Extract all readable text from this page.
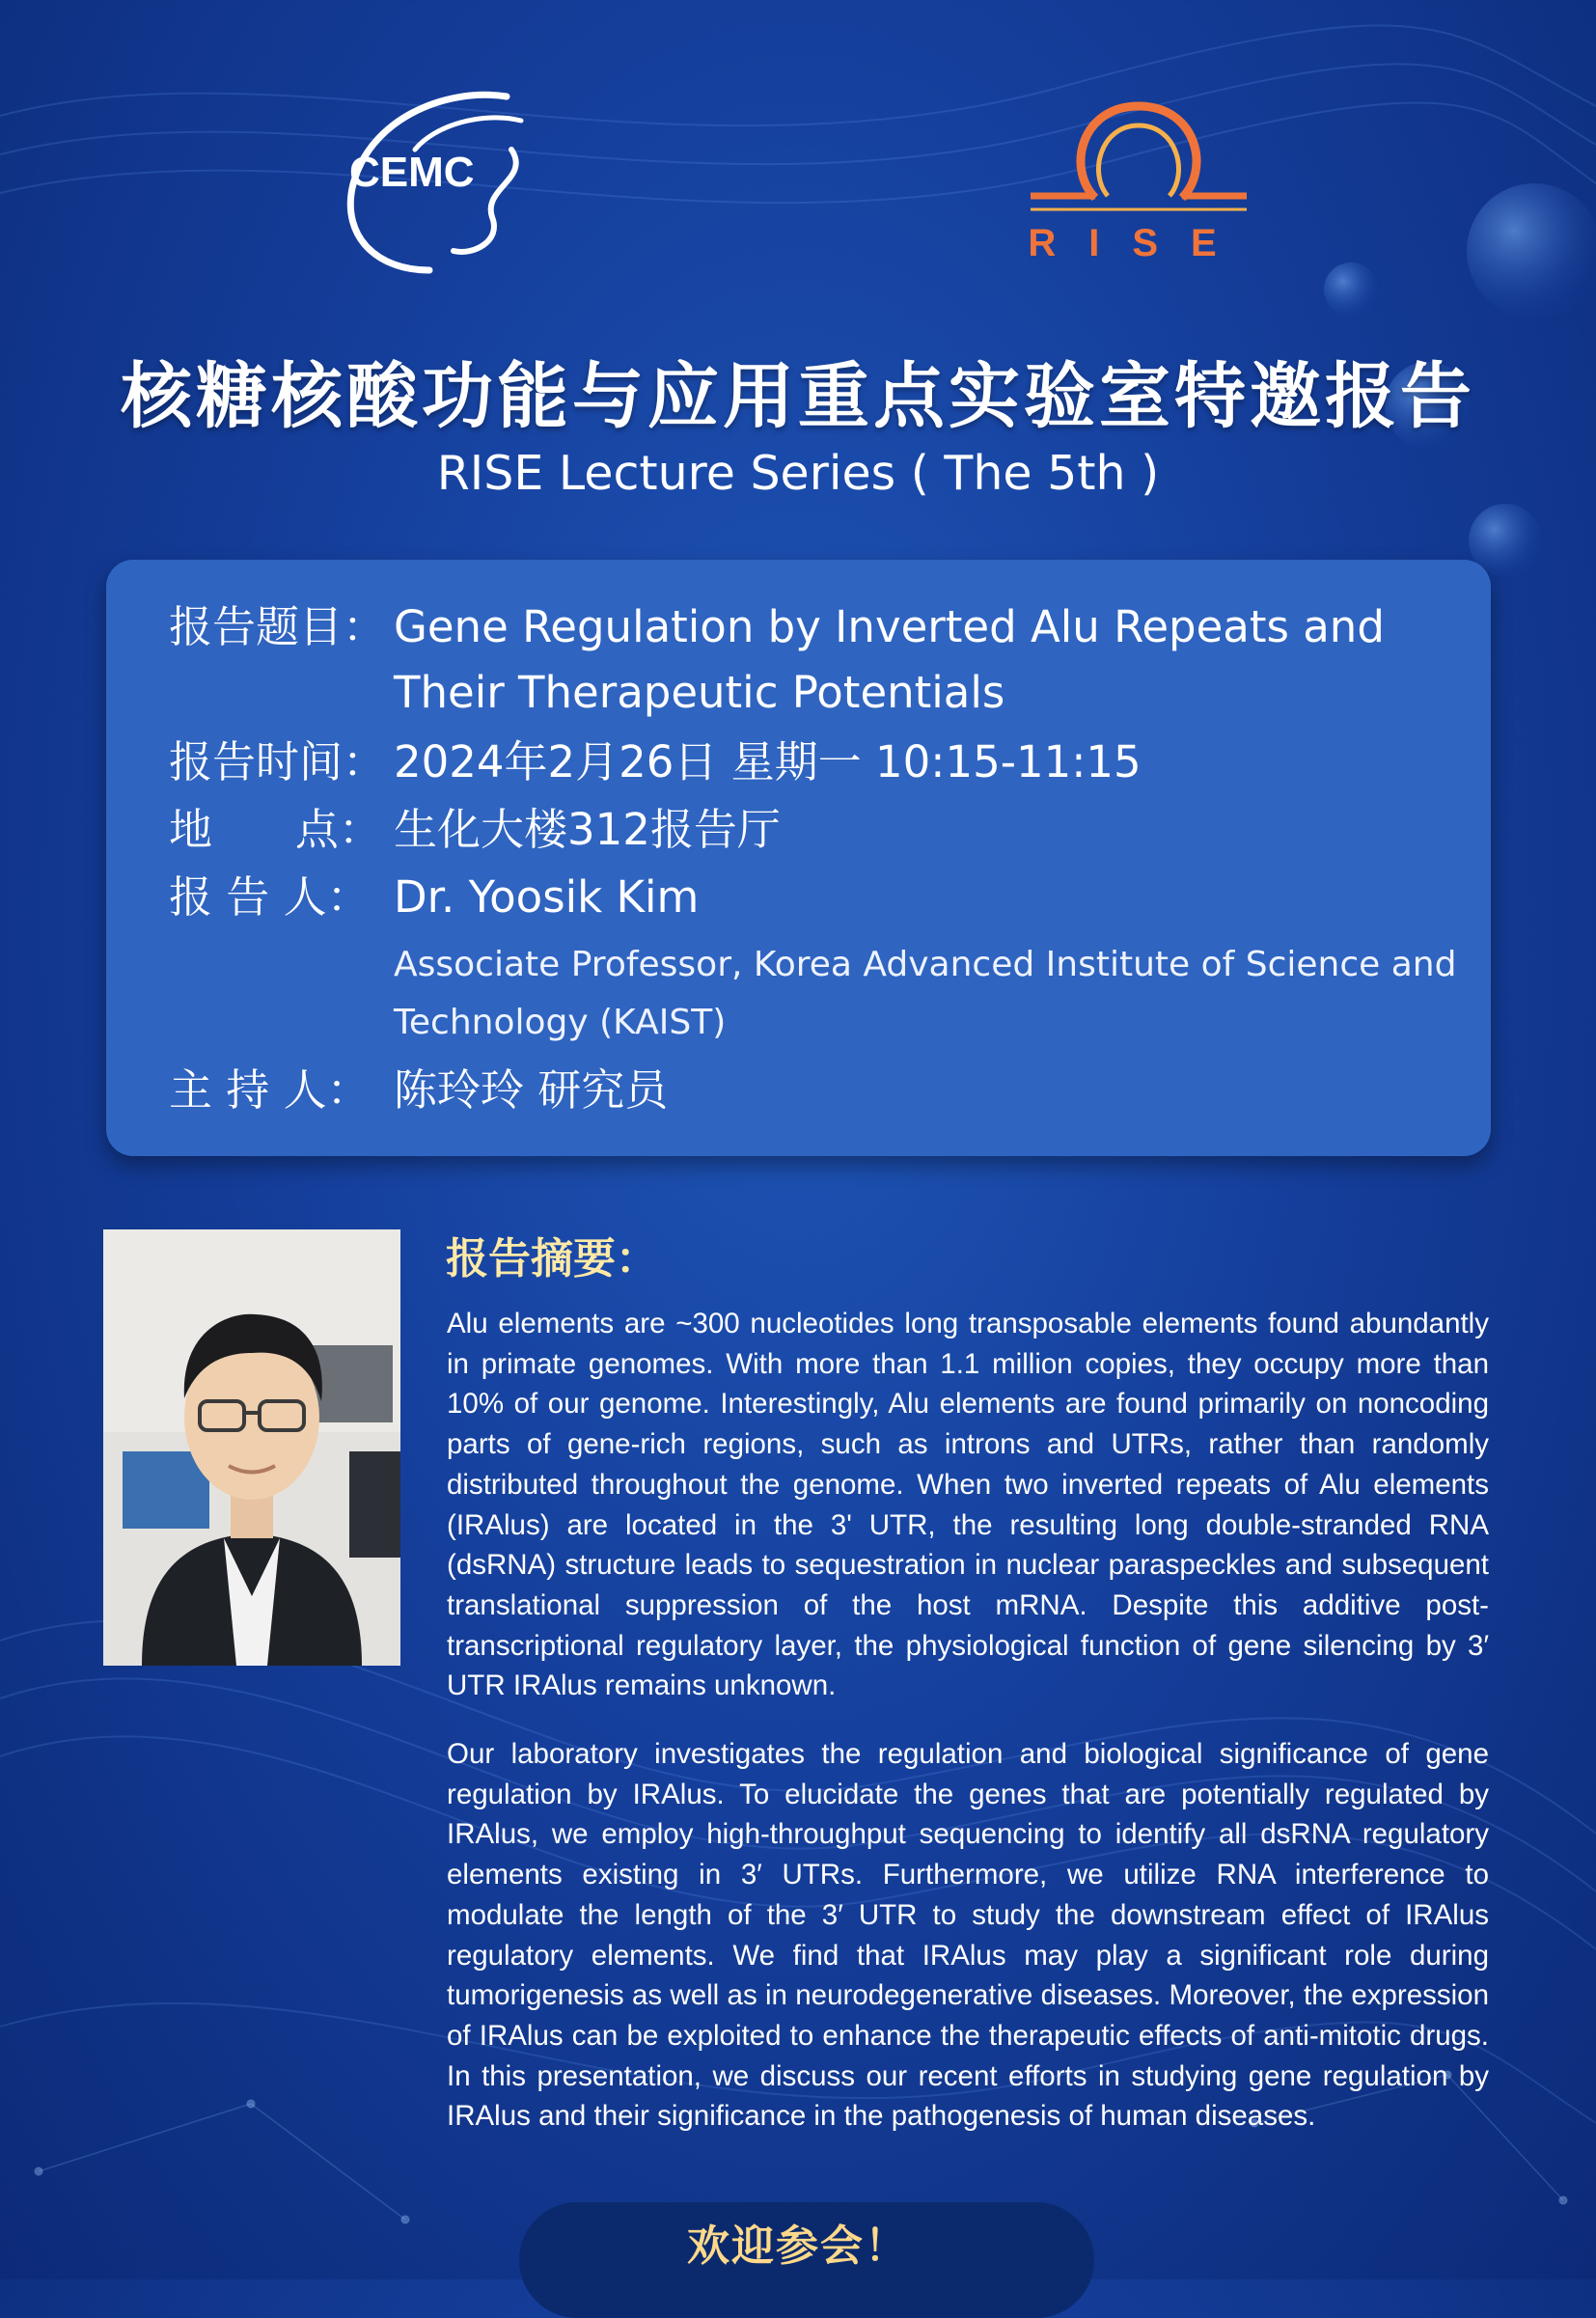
CEMC
RISE
核糖核酸功能与应用重点实验室特邀报告
RISE Lecture Series ( The 5th )
报告题目： Gene Regulation by Inverted Alu Repeats and
Their Therapeutic Potentials
报告时间： 2024年2月26日 星期一 10:15-11:15
地      点： 生化大楼312报告厅
报 告 人： Dr. Yoosik Kim
Associate Professor, Korea Advanced Institute of Science and
Technology (KAIST)
主 持 人： 陈玲玲 研究员
报告摘要：

Alu elements are ~300 nucleotides long transposable elements found abundantly in primate genomes. With more than 1.1 million copies, they occupy more than 10% of our genome. Interestingly, Alu elements are found primarily on noncoding parts of gene-rich regions, such as introns and UTRs, rather than randomly distributed throughout the genome. When two inverted repeats of Alu elements (IRAlus) are located in the 3' UTR, the resulting long double-stranded RNA (dsRNA) structure leads to sequestration in nuclear paraspeckles and subsequent translational suppression of the host mRNA. Despite this additive post-transcriptional regulatory layer, the physiological function of gene silencing by 3′ UTR IRAlus remains unknown.

Our laboratory investigates the regulation and biological significance of gene regulation by IRAlus. To elucidate the genes that are potentially regulated by IRAlus, we employ high-throughput sequencing to identify all dsRNA regulatory elements existing in 3′ UTRs. Furthermore, we utilize RNA interference to modulate the length of the 3′ UTR to study the downstream effect of IRAlus regulatory elements. We find that IRAlus may play a significant role during tumorigenesis as well as in neurodegenerative diseases. Moreover, the expression of IRAlus can be exploited to enhance the therapeutic effects of anti-mitotic drugs. In this presentation, we discuss our recent efforts in studying gene regulation by IRAlus and their significance in the pathogenesis of human diseases.

欢迎参会！
